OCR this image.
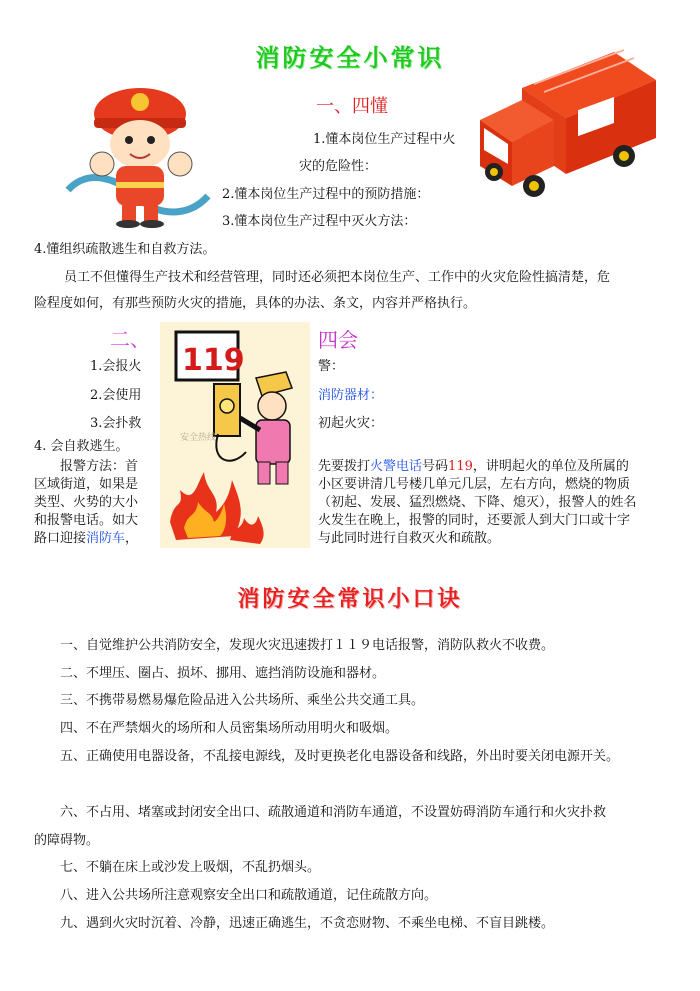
消防安全小常识
119
一、四懂
1.懂本岗位生产过程中火
灾的危险性：
2.懂本岗位生产过程中的预防措施：
3.懂本岗位生产过程中灭火方法：
4.懂组织疏散逃生和自救方法。
员工不但懂得生产技术和经营管理，同时还必须把本岗位生产、工作中的火灾危险性搞清楚，危
险程度如何，有那些预防火灾的措施，具体的办法、条文，内容并严格执行。
二、	四会
119
安全热线
1.会报火
2.会使用
3.会扑救
4. 会自救逃生。
报警方法：首
区域街道，如果是
类型、火势的大小
和报警电话。如大
路口迎接消防车，
警：
消防器材：
初起火灾：
先要拨打火警电话号码119，讲明起火的单位及所属的
小区要讲清几号楼几单元几层，左右方向，燃烧的物质
（初起、发展、猛烈燃烧、下降、熄灭），报警人的姓名
火发生在晚上，报警的同时，还要派人到大门口或十字
与此同时进行自救灭火和疏散。
消防安全常识小口诀
一、自觉维护公共消防安全，发现火灾迅速拨打１１９电话报警，消防队救火不收费。
二、不埋压、圈占、损坏、挪用、遮挡消防设施和器材。
三、不携带易燃易爆危险品进入公共场所、乘坐公共交通工具。
四、不在严禁烟火的场所和人员密集场所动用明火和吸烟。
五、正确使用电器设备，不乱接电源线，及时更换老化电器设备和线路，外出时要关闭电源开关。
六、不占用、堵塞或封闭安全出口、疏散通道和消防车通道，不设置妨碍消防车通行和火灾扑救
的障碍物。
七、不躺在床上或沙发上吸烟，不乱扔烟头。
八、进入公共场所注意观察安全出口和疏散通道，记住疏散方向。
九、遇到火灾时沉着、冷静，迅速正确逃生，不贪恋财物、不乘坐电梯、不盲目跳楼。
